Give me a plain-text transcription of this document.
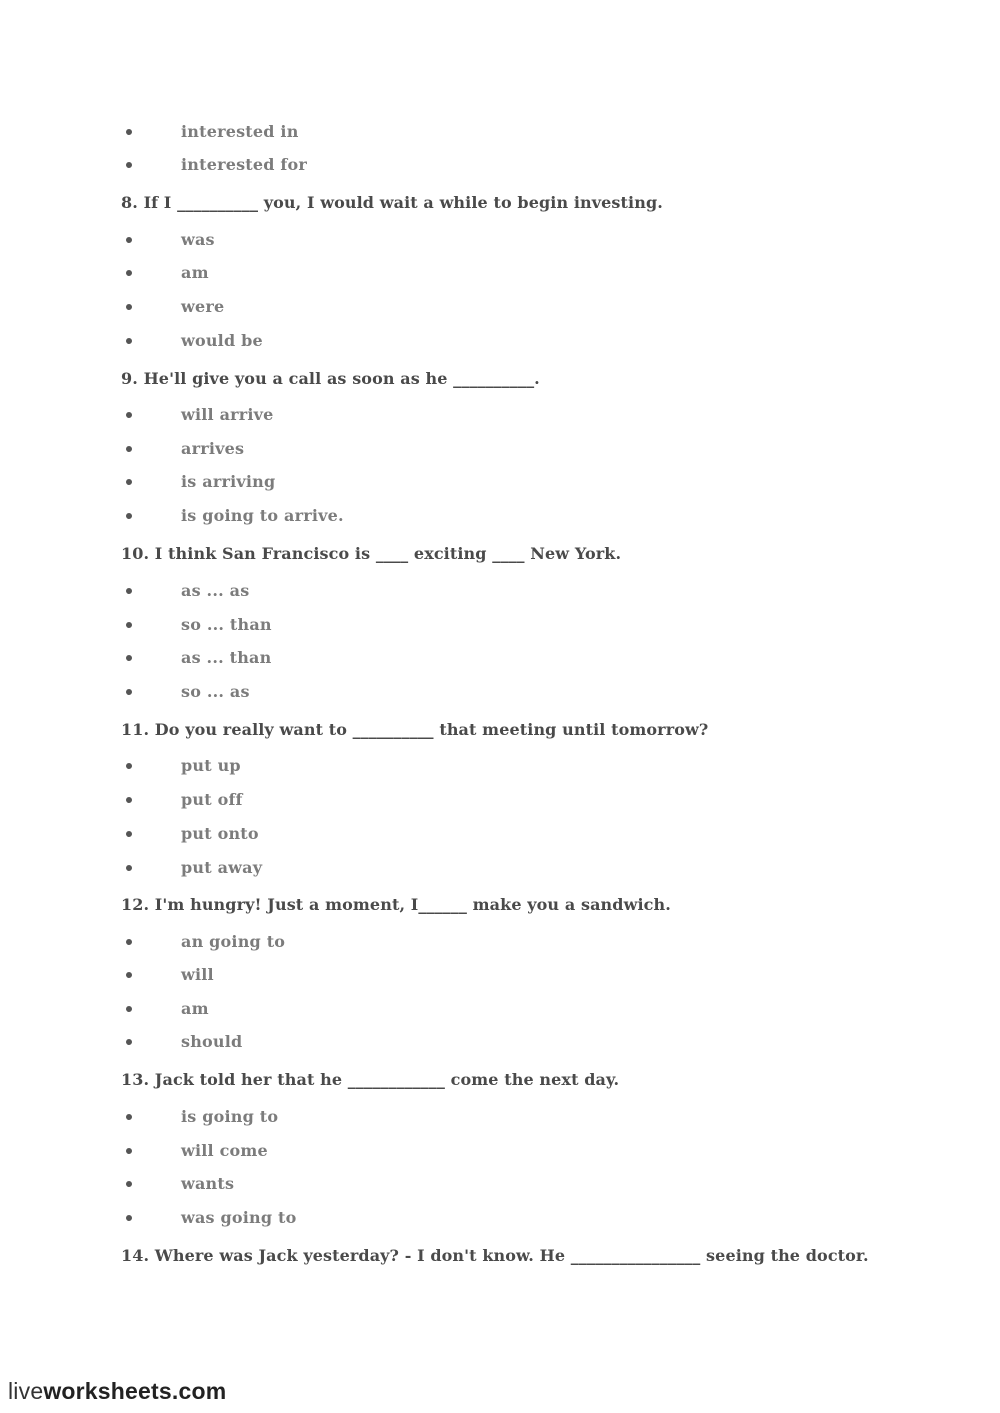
interested in
interested for
8. If I __________ you, I would wait a while to begin investing.
was
am
were
would be
9. He'll give you a call as soon as he __________.
will arrive
arrives
is arriving
is going to arrive.
10. I think San Francisco is ____ exciting ____ New York.
as ... as
so ... than
as ... than
so ... as
11. Do you really want to __________ that meeting until tomorrow?
put up
put off
put onto
put away
12. I'm hungry! Just a moment, I______ make you a sandwich.
an going to
will
am
should
13. Jack told her that he ____________ come the next day.
is going to
will come
wants
was going to
14. Where was Jack yesterday? - I don't know. He ________________ seeing the doctor.
liveworksheets.com
